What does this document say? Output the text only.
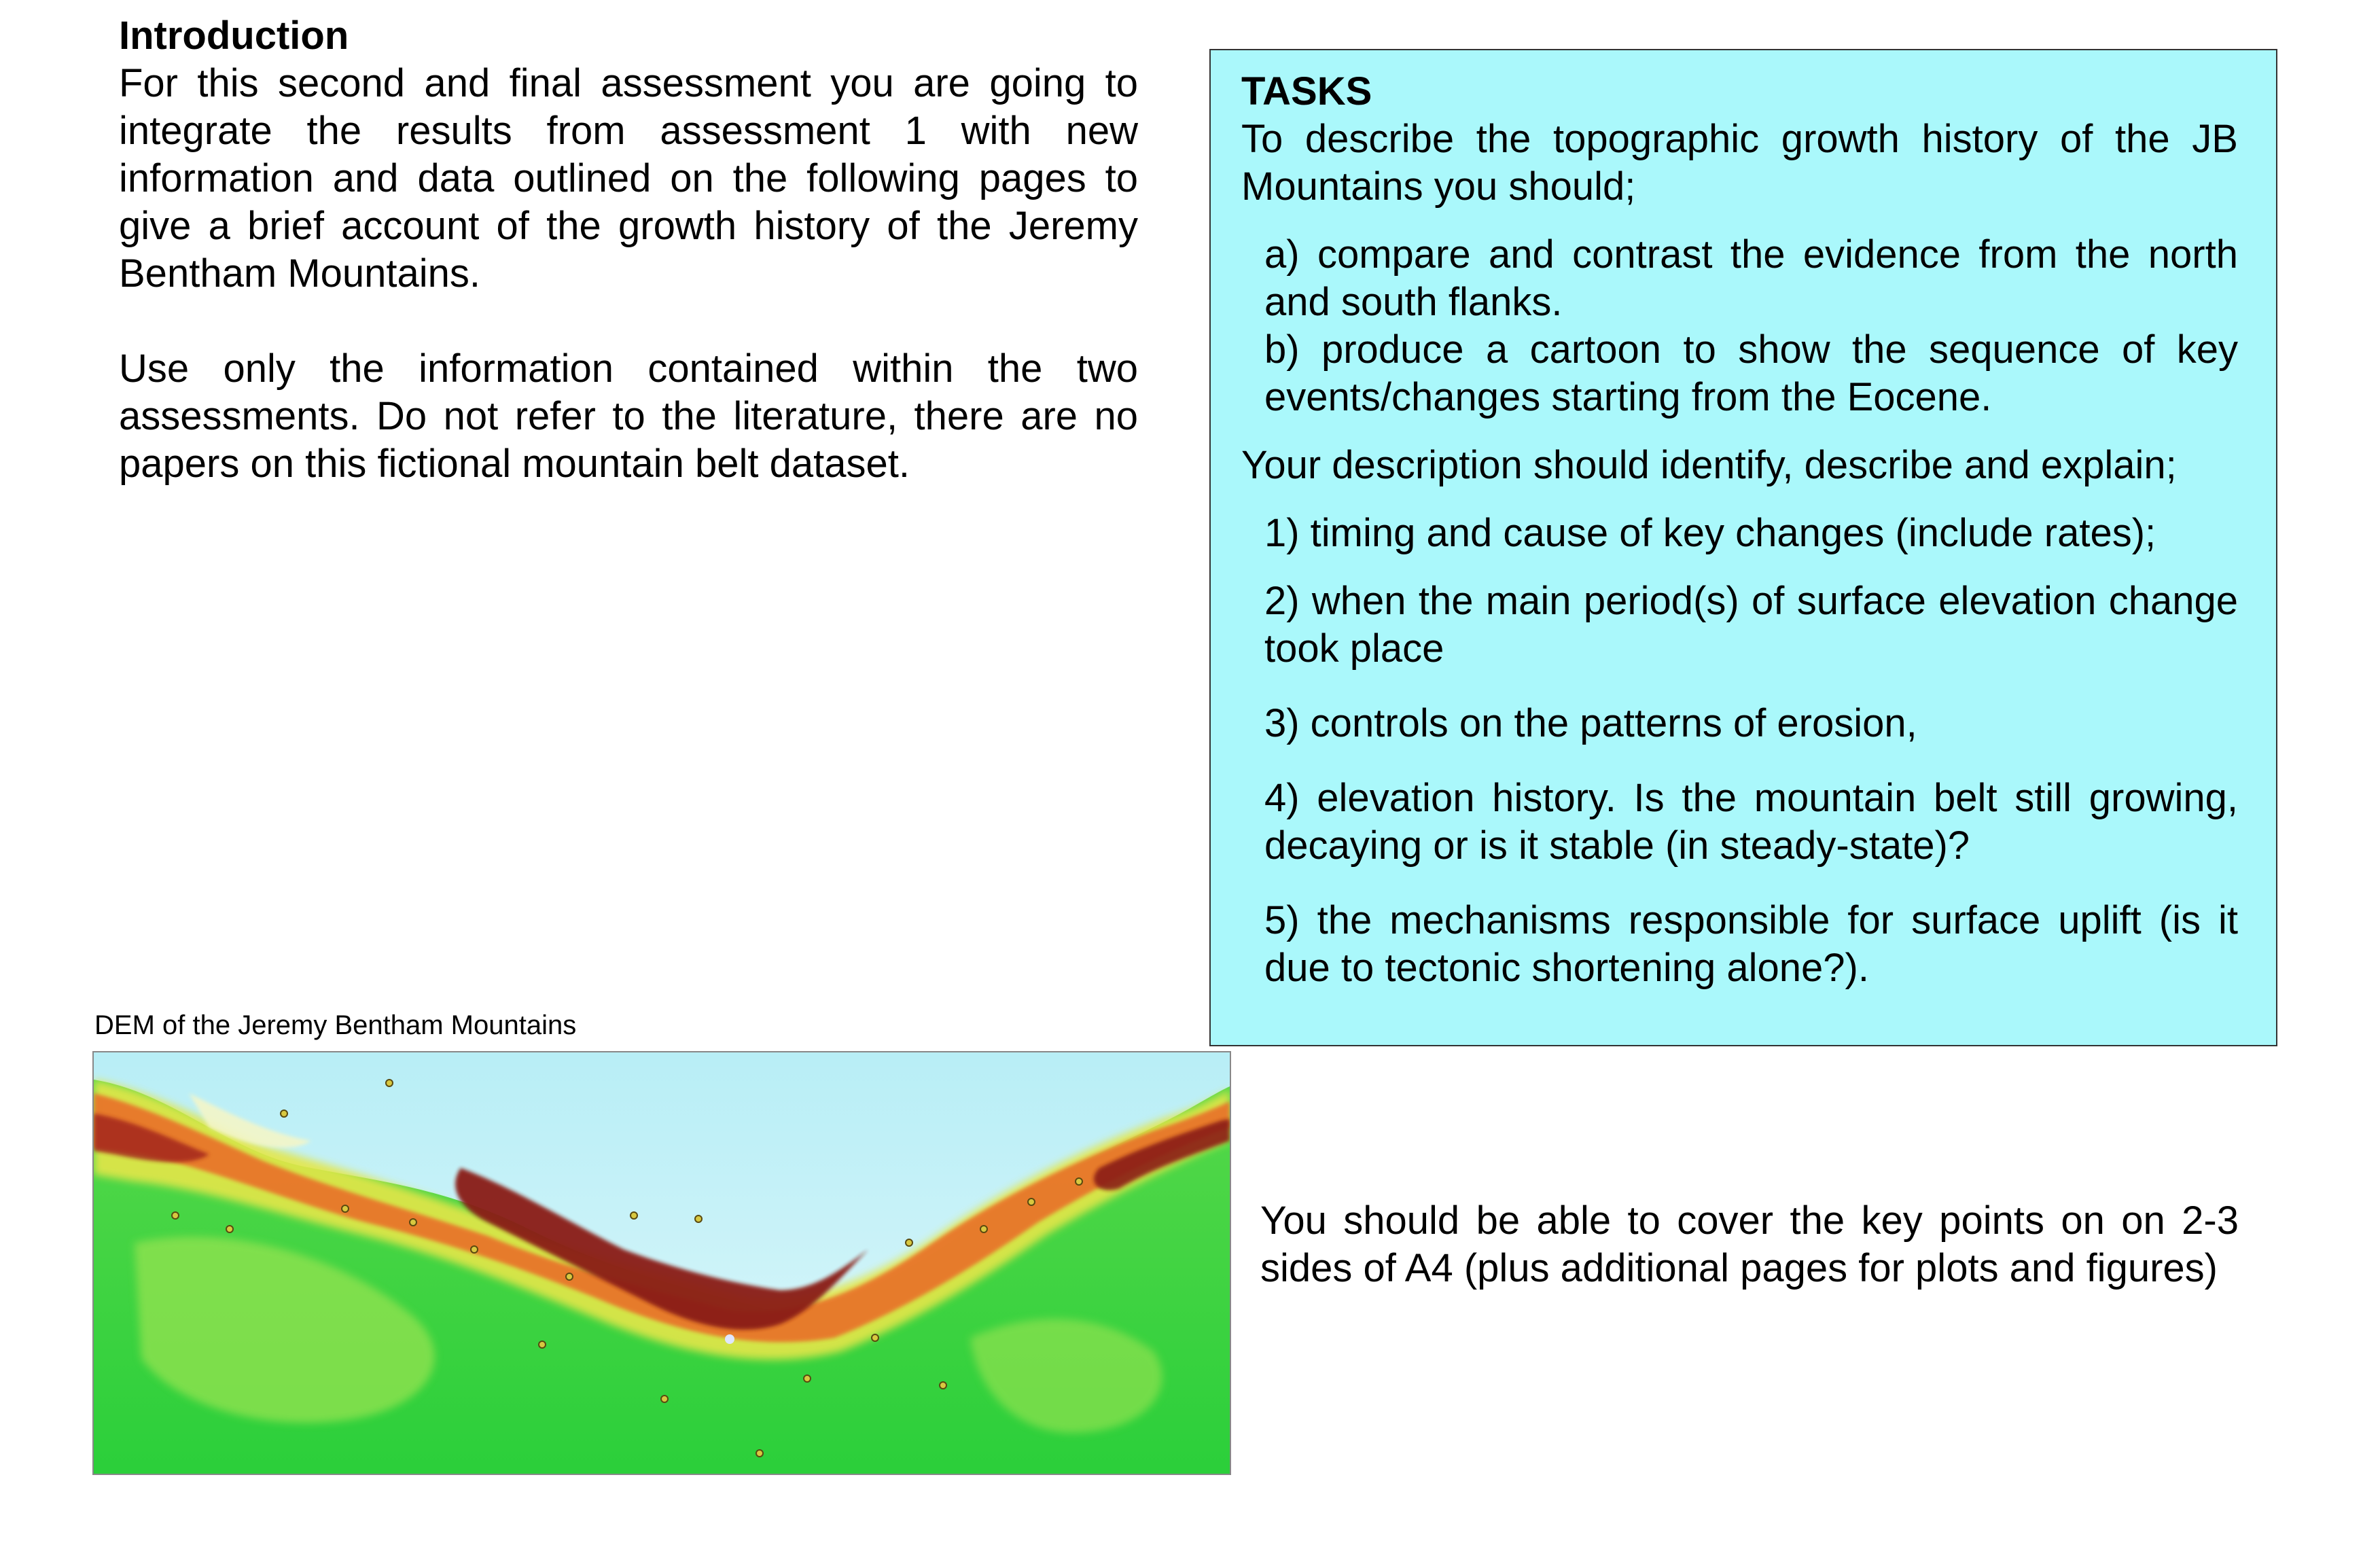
Introduction

For this second and final assessment you are going to integrate the results from assessment 1 with new information and data outlined on the following pages to give a brief account of the growth history of the Jeremy Bentham Mountains.

Use only the information contained within the two assessments. Do not refer to the literature, there are no papers on this fictional mountain belt dataset.

TASKS

To describe the topographic growth history of the JB Mountains you should;

a) compare and contrast the evidence from the north and south flanks.

b) produce a cartoon to show the sequence of key events/changes starting from the Eocene.

Your description should identify, describe and explain;

1) timing and cause of key changes (include rates);

2) when the main period(s) of surface elevation change took place

3) controls on the patterns of erosion,

4) elevation history. Is the mountain belt still growing, decaying or is it stable (in steady-state)?

5) the mechanisms responsible for surface uplift (is it due to tectonic shortening alone?).

DEM of the Jeremy Bentham Mountains
You should be able to cover the key points on on 2-3 sides of A4 (plus additional pages for plots and figures)
